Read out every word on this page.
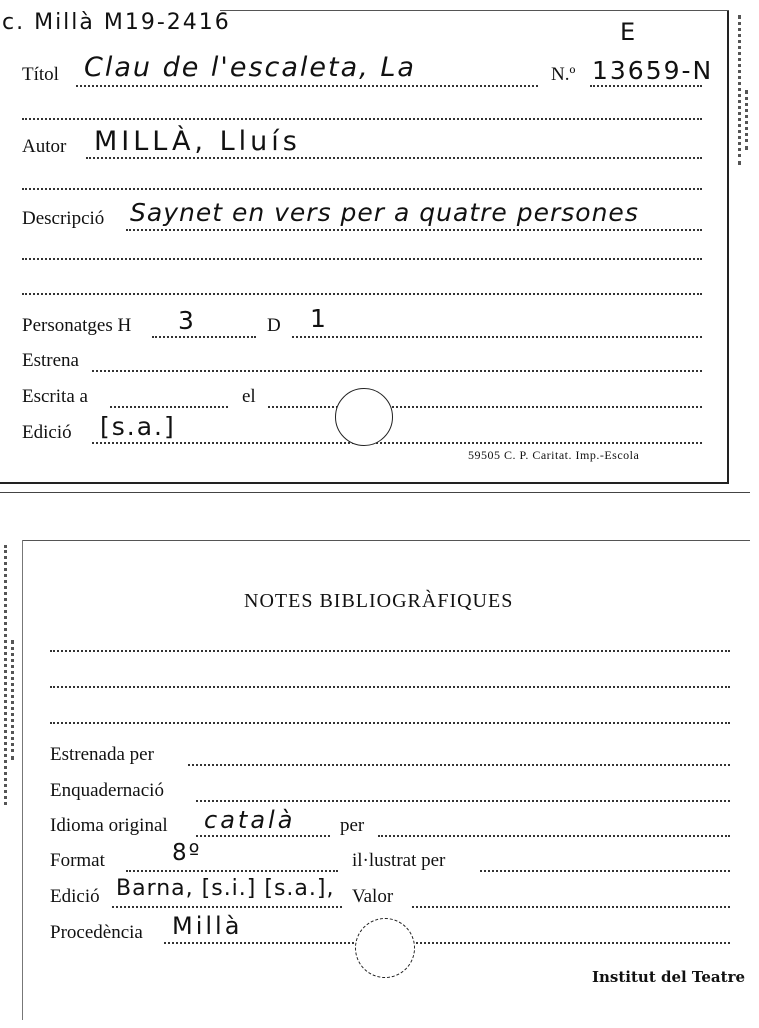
c. Millà M19-2416	E
Títol Clau de l'escaleta, La	N.º 13659-N
Autor MILLÀ, Lluís
Descripció Saynet en vers per a quatre persones
Personatges H 3	D 1
Estrena
Escrita a	el
Edició [s.a.]
59505 C. P. Caritat. Imp.-Escola
NOTES BIBLIOGRÀFIQUES
Estrenada per
Enquadernació
Idioma original català per
Format	8º	il·lustrat per
Edició Barna, [s.i.] [s.a.], Valor
Procedència Millà
Institut del Teatre
